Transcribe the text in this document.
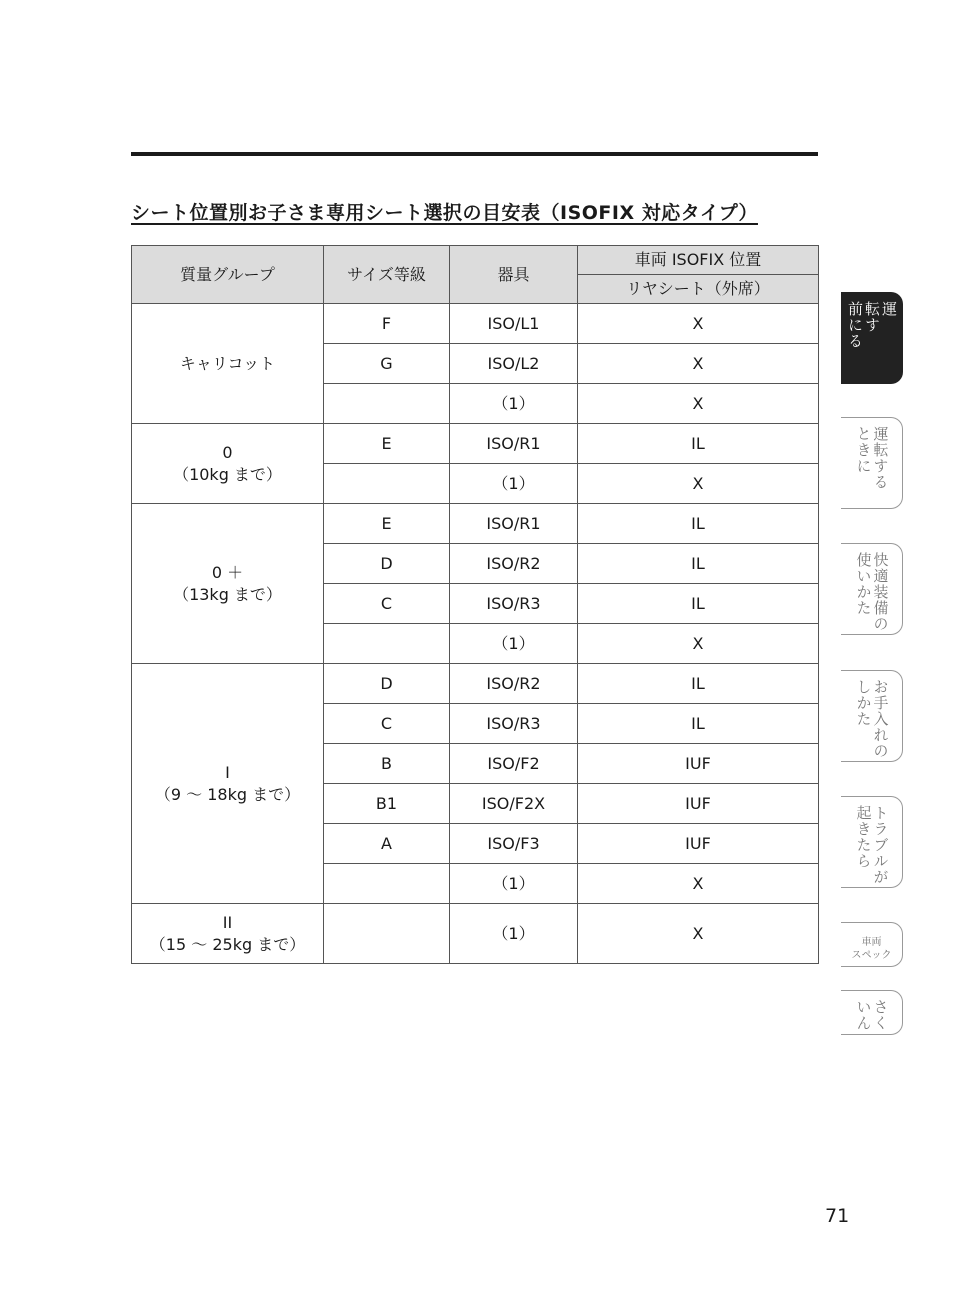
シート位置別お子さま専用シート選択の目安表（ISOFIX 対応タイプ）
質量グループ	サイズ等級	器具	車両 ISOFIX 位置
			リヤシート（外席）
キャリコット	F	ISO/L1	X
	G	ISO/L2	X
		（1）	X
0
（10kg まで）	E	ISO/R1	IL
		（1）	X
0 ＋
（13kg まで）	E	ISO/R1	IL
	D	ISO/R2	IL
	C	ISO/R3	IL
		（1）	X
I
（9 ～ 18kg まで）	D	ISO/R2	IL
	C	ISO/R3	IL
	B	ISO/F2	IUF
	B1	ISO/F2X	IUF
	A	ISO/F3	IUF
		（1）	X
II
（15 ～ 25kg まで）		（1）	X
運
転す
前にる
運転する
ときに
快適装備の
使いかた
お手入れの
しかた
トラブルが
起きたら
車両
スペック
さく
いん
71
